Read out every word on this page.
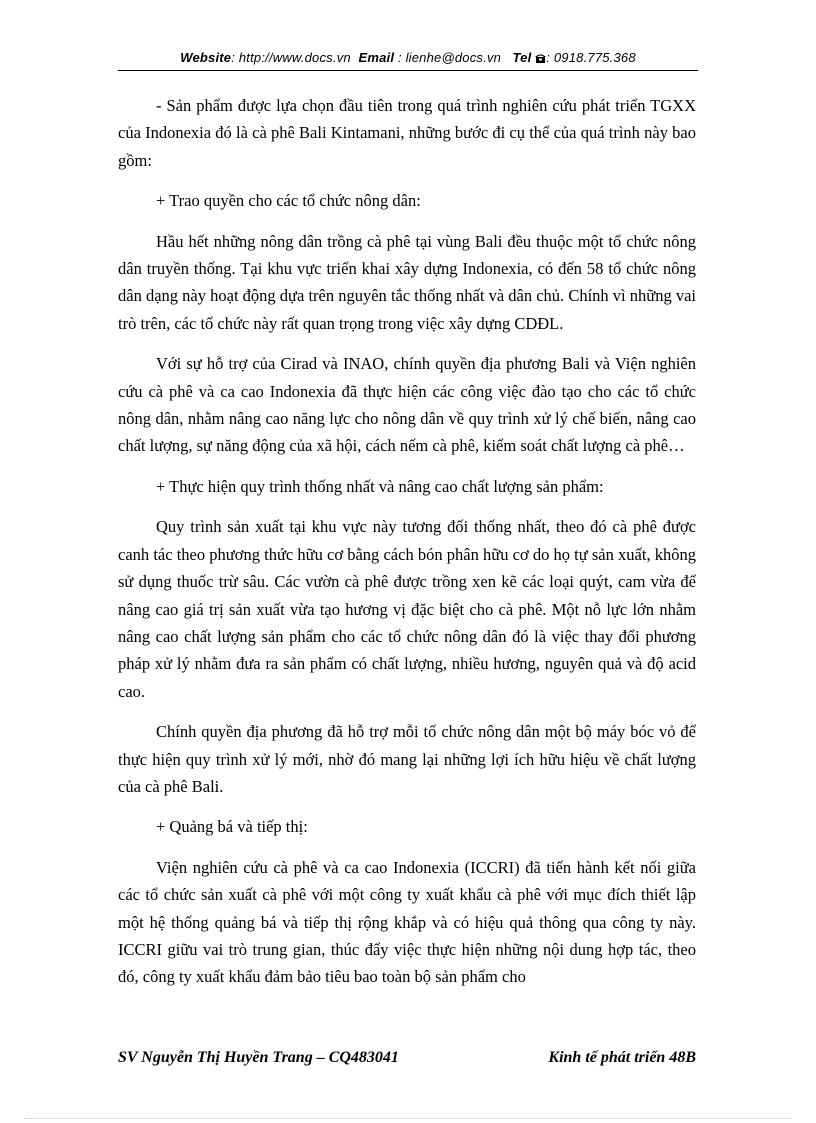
Website: http://www.docs.vn Email : lienhe@docs.vn Tel : 0918.775.368

- Sản phẩm được lựa chọn đầu tiên trong quá trình nghiên cứu phát triển TGXX của Indonexia đó là cà phê Bali Kintamani, những bước đi cụ thể của quá trình này bao gồm:

+ Trao quyền cho các tổ chức nông dân:

Hầu hết những nông dân trồng cà phê tại vùng Bali đều thuộc một tổ chức nông dân truyền thống. Tại khu vực triển khai xây dựng Indonexia, có đến 58 tổ chức nông dân dạng này hoạt động dựa trên nguyên tắc thống nhất và dân chủ. Chính vì những vai trò trên, các tổ chức này rất quan trọng trong việc xây dựng CDĐL.

Với sự hỗ trợ của Cirad và INAO, chính quyền địa phương Bali và Viện nghiên cứu cà phê và ca cao Indonexia đã thực hiện các công việc đào tạo cho các tổ chức nông dân, nhằm nâng cao năng lực cho nông dân về quy trình xử lý chế biến, nâng cao chất lượng, sự năng động của xã hội, cách nếm cà phê, kiểm soát chất lượng cà phê…

+ Thực hiện quy trình thống nhất và nâng cao chất lượng sản phẩm:

Quy trình sản xuất tại khu vực này tương đối thống nhất, theo đó cà phê được canh tác theo phương thức hữu cơ bằng cách bón phân hữu cơ do họ tự sản xuất, không sử dụng thuốc trừ sâu. Các vườn cà phê được trồng xen kẽ các loại quýt, cam vừa để nâng cao giá trị sản xuất vừa tạo hương vị đặc biệt cho cà phê. Một nỗ lực lớn nhằm nâng cao chất lượng sản phẩm cho các tổ chức nông dân đó là việc thay đổi phương pháp xử lý nhằm đưa ra sản phẩm có chất lượng, nhiều hương, nguyên quả và độ acid cao.

Chính quyền địa phương đã hỗ trợ mỗi tổ chức nông dân một bộ máy bóc vỏ để thực hiện quy trình xử lý mới, nhờ đó mang lại những lợi ích hữu hiệu về chất lượng của cà phê Bali.

+ Quảng bá và tiếp thị:

Viện nghiên cứu cà phê và ca cao Indonexia (ICCRI) đã tiến hành kết nối giữa các tổ chức sản xuất cà phê với một công ty xuất khẩu cà phê với mục đích thiết lập một hệ thống quảng bá và tiếp thị rộng khắp và có hiệu quả thông qua công ty này. ICCRI giữu vai trò trung gian, thúc đẩy việc thực hiện những nội dung hợp tác, theo đó, công ty xuất khẩu đảm bảo tiêu bao toàn bộ sản phẩm cho

SV Nguyễn Thị Huyền Trang – CQ483041	Kinh tế phát triển 48B
